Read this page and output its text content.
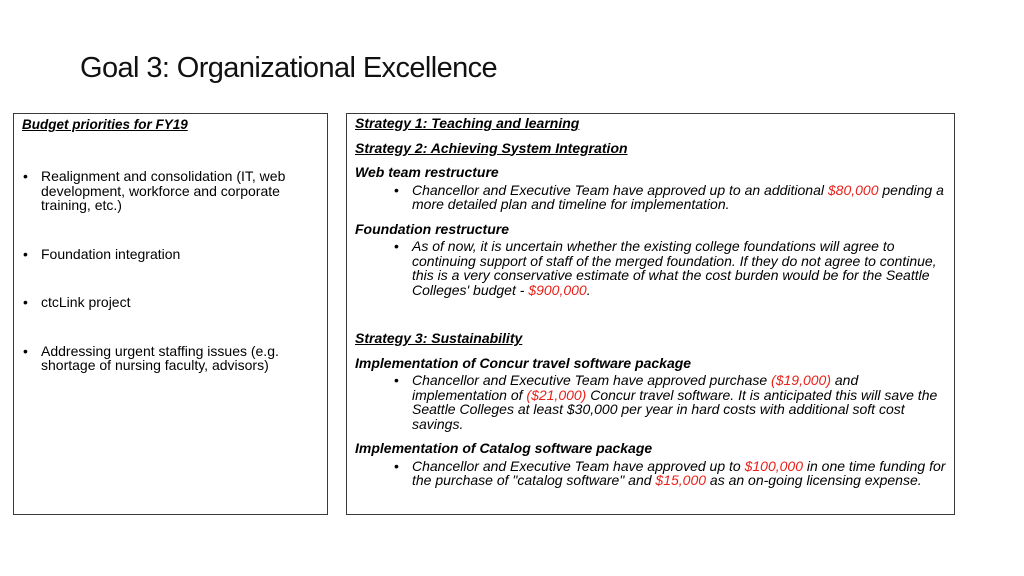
Goal 3: Organizational Excellence

Budget priorities for FY19

• Realignment and consolidation (IT, web development, workforce and corporate training, etc.)
• Foundation integration
• ctcLink project
• Addressing urgent staffing issues (e.g. shortage of nursing faculty, advisors)

Strategy 1: Teaching and learning

Strategy 2: Achieving System Integration

Web team restructure

• Chancellor and Executive Team have approved up to an additional $80,000 pending a more detailed plan and timeline for implementation.

Foundation restructure

• As of now, it is uncertain whether the existing college foundations will agree to continuing support of staff of the merged foundation. If they do not agree to continue, this is a very conservative estimate of what the cost burden would be for the Seattle Colleges' budget - $900,000.

Strategy 3: Sustainability

Implementation of Concur travel software package

• Chancellor and Executive Team have approved purchase ($19,000) and implementation of ($21,000) Concur travel software. It is anticipated this will save the Seattle Colleges at least $30,000 per year in hard costs with additional soft cost savings.

Implementation of Catalog software package

• Chancellor and Executive Team have approved up to $100,000 in one time funding for the purchase of "catalog software" and $15,000 as an on-going licensing expense.
